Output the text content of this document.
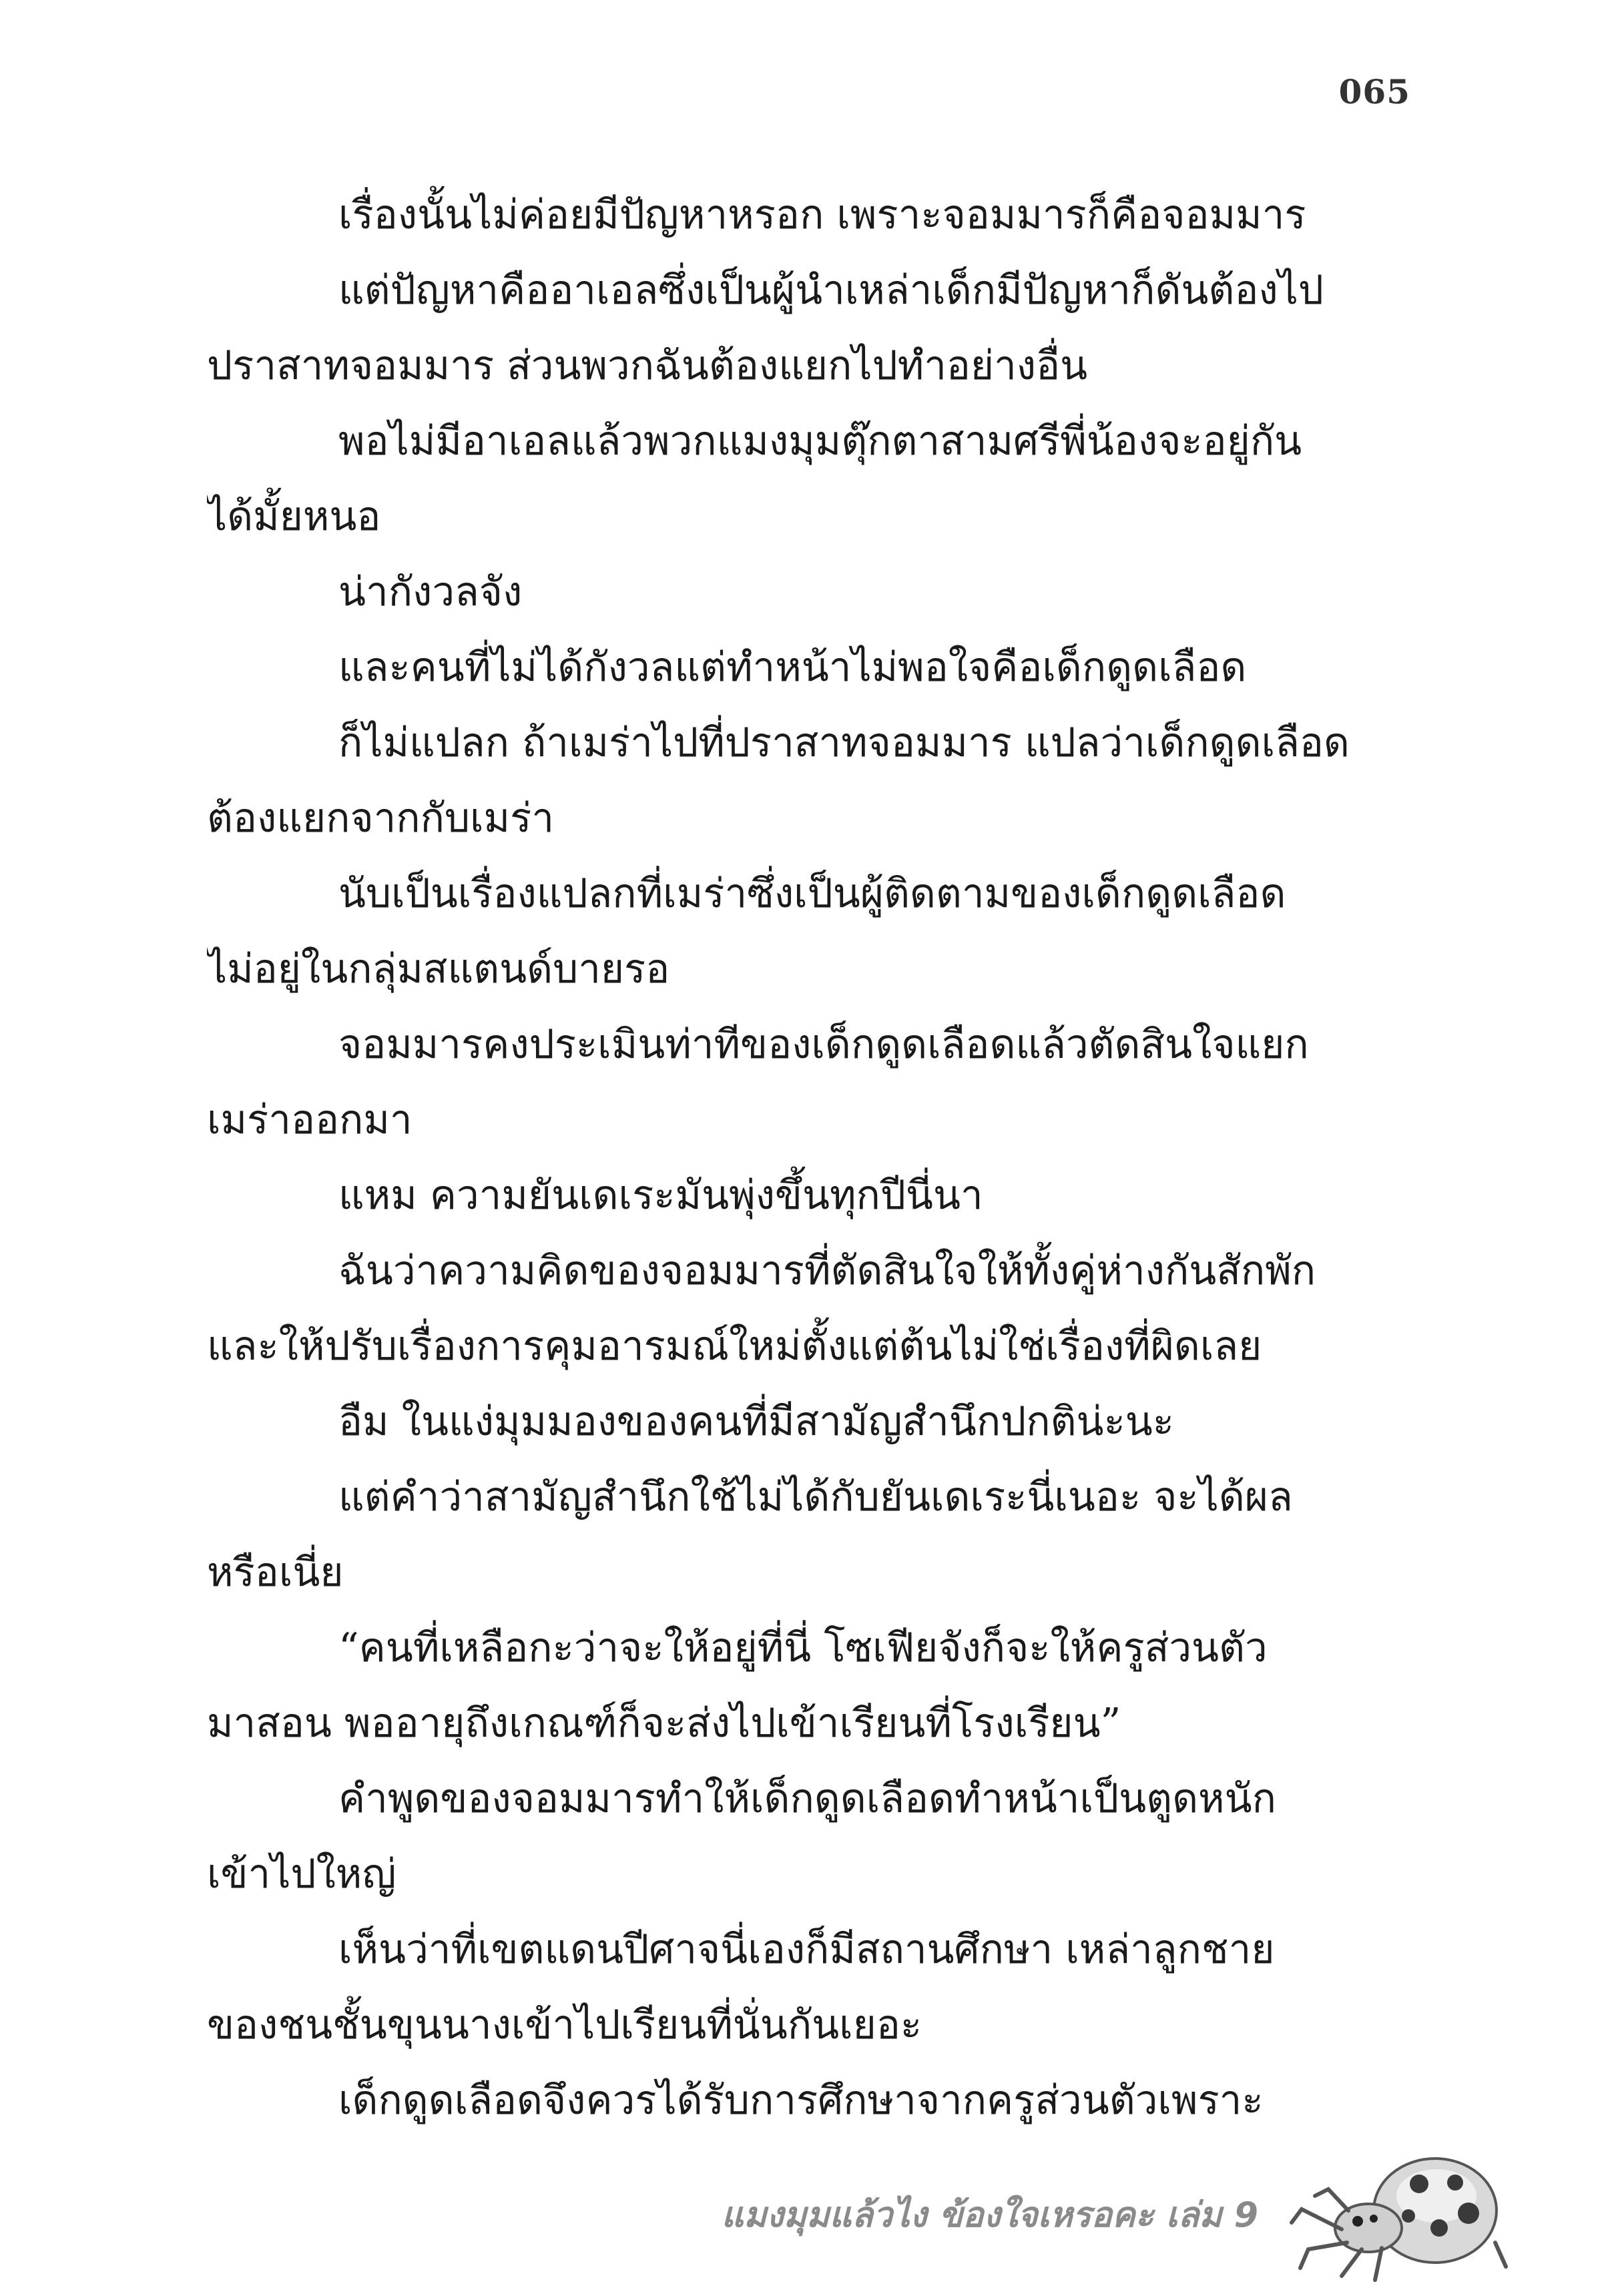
065
เรื่องนั้นไม่ค่อยมีปัญหาหรอก เพราะจอมมารก็คือจอมมาร
แต่ปัญหาคืออาเอลซึ่งเป็นผู้นำเหล่าเด็กมีปัญหาก็ดันต้องไป
ปราสาทจอมมาร ส่วนพวกฉันต้องแยกไปทำอย่างอื่น
พอไม่มีอาเอลแล้วพวกแมงมุมตุ๊กตาสามศรีพี่น้องจะอยู่กัน
ได้มั้ยหนอ
น่ากังวลจัง
และคนที่ไม่ได้กังวลแต่ทำหน้าไม่พอใจคือเด็กดูดเลือด
ก็ไม่แปลก ถ้าเมร่าไปที่ปราสาทจอมมาร แปลว่าเด็กดูดเลือด
ต้องแยกจากกับเมร่า
นับเป็นเรื่องแปลกที่เมร่าซึ่งเป็นผู้ติดตามของเด็กดูดเลือด
ไม่อยู่ในกลุ่มสแตนด์บายรอ
จอมมารคงประเมินท่าทีของเด็กดูดเลือดแล้วตัดสินใจแยก
เมร่าออกมา
แหม ความยันเดเระมันพุ่งขึ้นทุกปีนี่นา
ฉันว่าความคิดของจอมมารที่ตัดสินใจให้ทั้งคู่ห่างกันสักพัก
และให้ปรับเรื่องการคุมอารมณ์ใหม่ตั้งแต่ต้นไม่ใช่เรื่องที่ผิดเลย
อืม ในแง่มุมมองของคนที่มีสามัญสำนึกปกติน่ะนะ
แต่คำว่าสามัญสำนึกใช้ไม่ได้กับยันเดเระนี่เนอะ จะได้ผล
หรือเนี่ย
“คนที่เหลือกะว่าจะให้อยู่ที่นี่ โซเฟียจังก็จะให้ครูส่วนตัว
มาสอน พออายุถึงเกณฑ์ก็จะส่งไปเข้าเรียนที่โรงเรียน”
คำพูดของจอมมารทำให้เด็กดูดเลือดทำหน้าเป็นตูดหนัก
เข้าไปใหญ่
เห็นว่าที่เขตแดนปีศาจนี่เองก็มีสถานศึกษา เหล่าลูกชาย
ของชนชั้นขุนนางเข้าไปเรียนที่นั่นกันเยอะ
เด็กดูดเลือดจึงควรได้รับการศึกษาจากครูส่วนตัวเพราะ
แมงมุมแล้วไง ข้องใจเหรอคะ เล่ม 9
